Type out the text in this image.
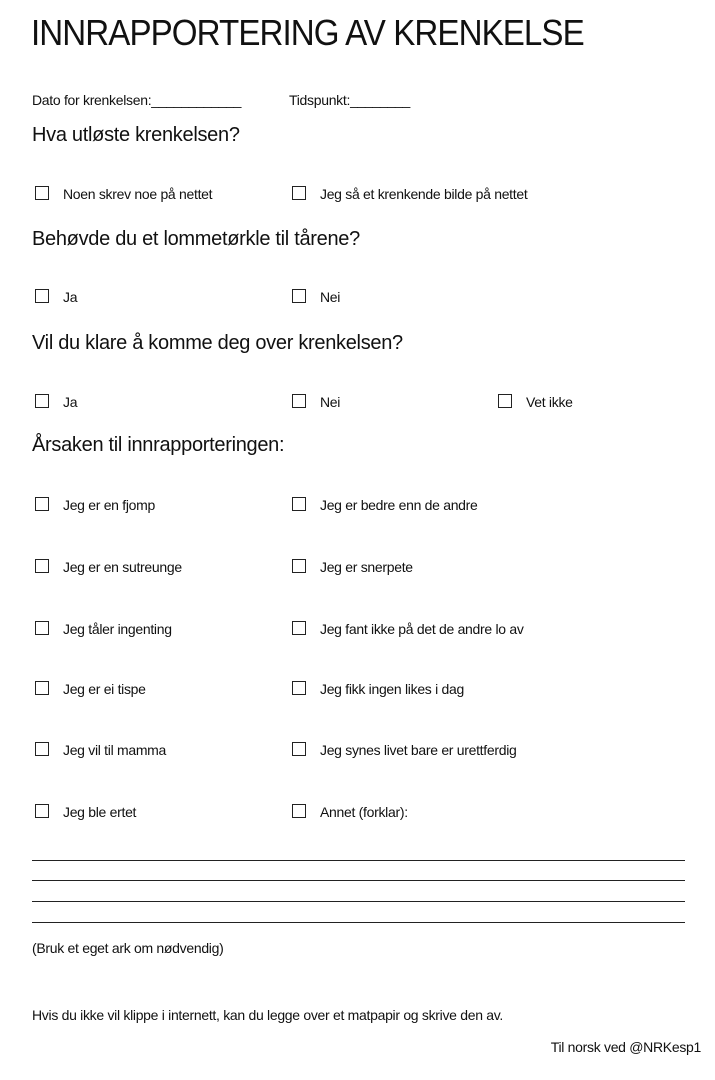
INNRAPPORTERING AV KRENKELSE
Dato for krenkelsen:____________	Tidspunkt:________
Hva utløste krenkelsen?
Noen skrev noe på nettet	Jeg så et krenkende bilde på nettet
Behøvde du et lommetørkle til tårene?
Ja	Nei
Vil du klare å komme deg over krenkelsen?
Ja	Nei	Vet ikke
Årsaken til innrapporteringen:
Jeg er en fjomp	Jeg er bedre enn de andre
Jeg er en sutreunge	Jeg er snerpete
Jeg tåler ingenting	Jeg fant ikke på det de andre lo av
Jeg er ei tispe	Jeg fikk ingen likes i dag
Jeg vil til mamma	Jeg synes livet bare er urettferdig
Jeg ble ertet	Annet (forklar):
(Bruk et eget ark om nødvendig)
Hvis du ikke vil klippe i internett, kan du legge over et matpapir og skrive den av.
Til norsk ved @NRKesp1
